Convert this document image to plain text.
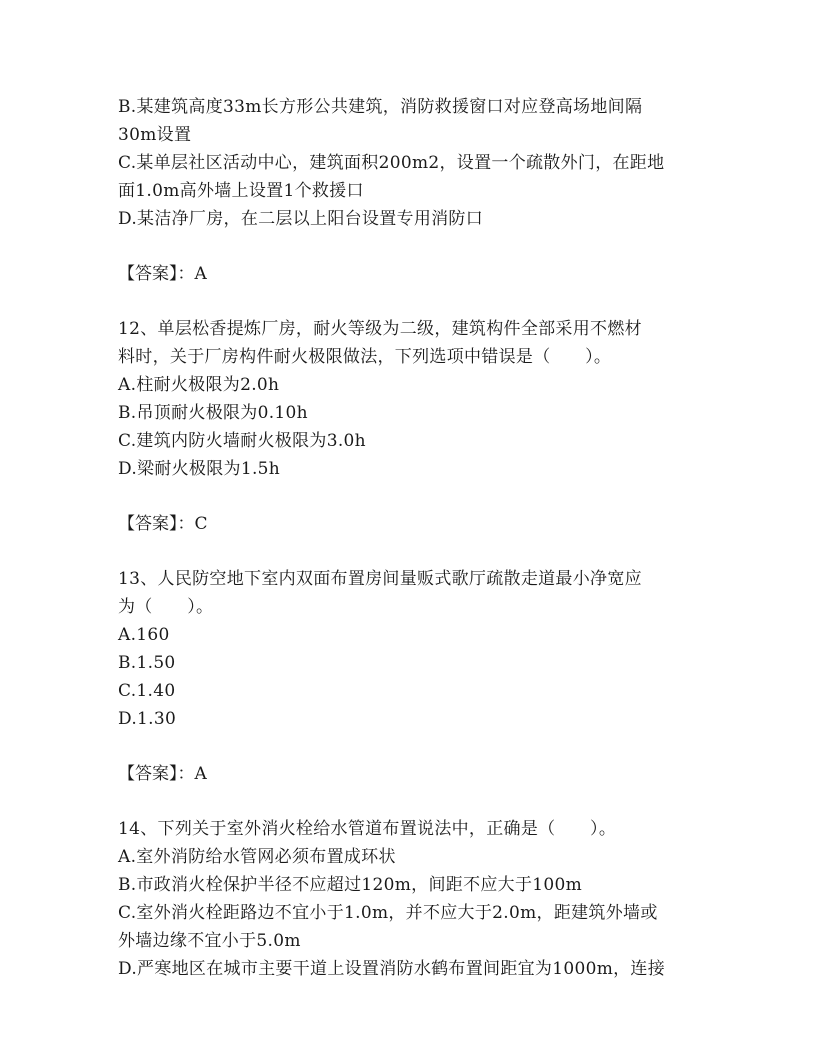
B.某建筑高度33m长方形公共建筑，消防救援窗口对应登高场地间隔
30m设置
C.某单层社区活动中心，建筑面积200m2，设置一个疏散外门，在距地
面1.0m高外墙上设置1个救援口
D.某洁净厂房，在二层以上阳台设置专用消防口
【答案】：A
12、单层松香提炼厂房，耐火等级为二级，建筑构件全部采用不燃材
料时，关于厂房构件耐火极限做法，下列选项中错误是（　　）。
A.柱耐火极限为2.0h
B.吊顶耐火极限为0.10h
C.建筑内防火墙耐火极限为3.0h
D.梁耐火极限为1.5h
【答案】：C
13、人民防空地下室内双面布置房间量贩式歌厅疏散走道最小净宽应
为（　　）。
A.160
B.1.50
C.1.40
D.1.30
【答案】：A
14、下列关于室外消火栓给水管道布置说法中，正确是（　　）。
A.室外消防给水管网必须布置成环状
B.市政消火栓保护半径不应超过120m，间距不应大于100m
C.室外消火栓距路边不宜小于1.0m，并不应大于2.0m，距建筑外墙或
外墙边缘不宜小于5.0m
D.严寒地区在城市主要干道上设置消防水鹤布置间距宜为1000m，连接
